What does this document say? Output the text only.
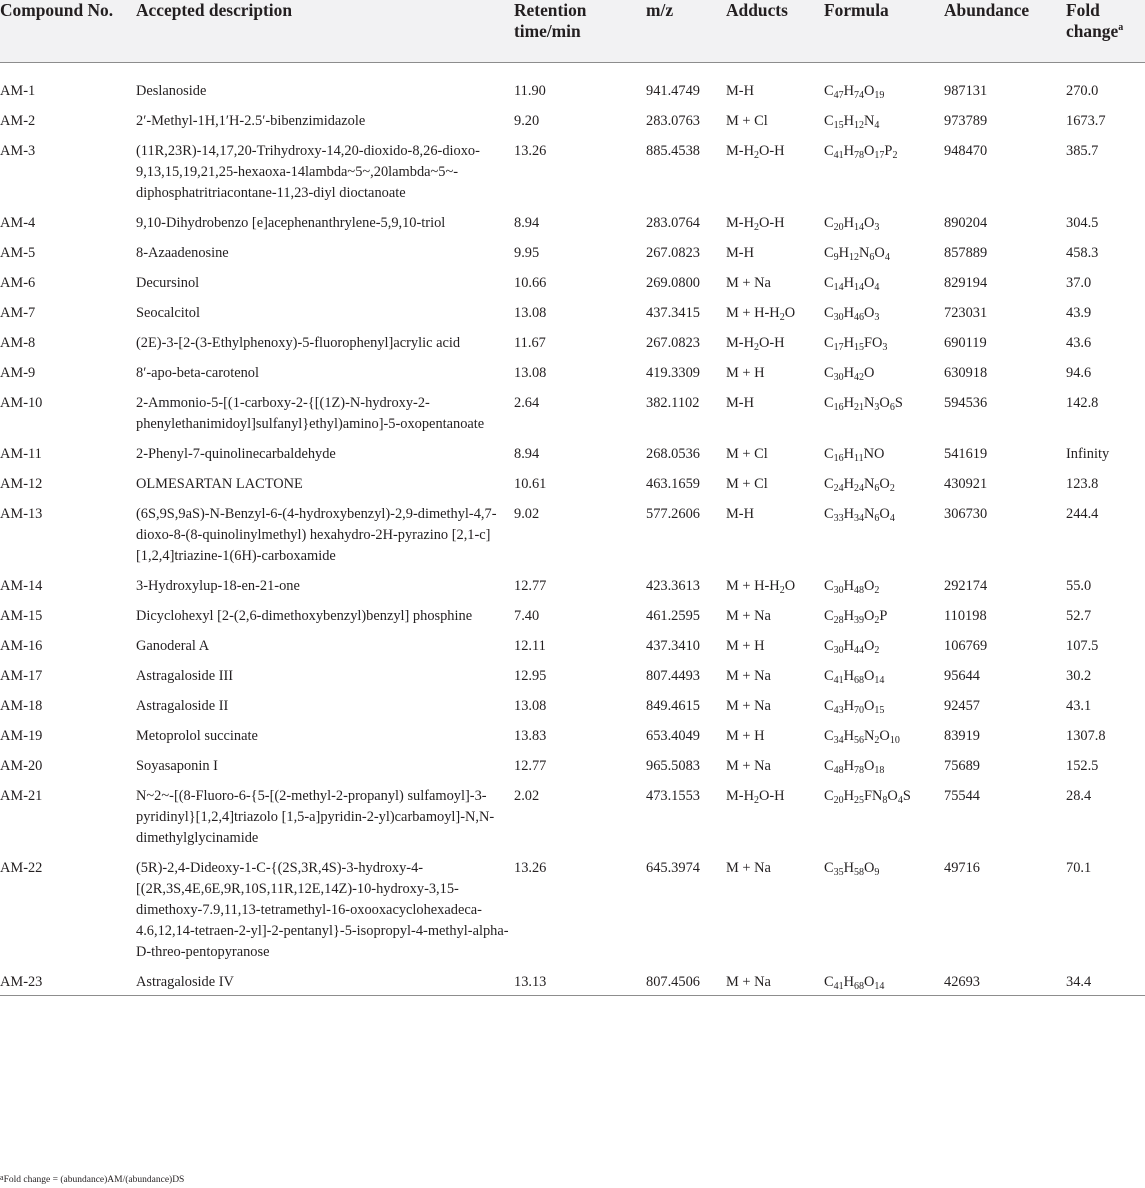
Compound No.	Accepted description	Retention time/min	m/z	Adducts	Formula	Abundance	Fold change$^a$
AM-1	Deslanoside	11.90	941.4749	M-H	$C_{47}H_{74}O_{19}$	987131	270.0
AM-2	2′-Methyl-1H,1′H-2.5′-bibenzimidazole	9.20	283.0763	M + Cl	$C_{15}H_{12}N_4$	973789	1673.7
AM-3	(11R,23R)-14,17,20-Trihydroxy-14,20-dioxido-8,26-dioxo-9,13,15,19,21,25-hexaoxa-14lambda~5~,20lambda~5~-diphosphatritriacontane-11,23-diyl dioctanoate	13.26	885.4538	$M-H_2O-H$	$C_{41}H_{78}O_{17}P_2$	948470	385.7
AM-4	9,10-Dihydrobenzo [e]acephenanthrylene-5,9,10-triol	8.94	283.0764	$M-H_2O-H$	$C_{20}H_{14}O_3$	890204	304.5
AM-5	8-Azaadenosine	9.95	267.0823	M-H	$C_9H_{12}N_6O_4$	857889	458.3
AM-6	Decursinol	10.66	269.0800	M + Na	$C_{14}H_{14}O_4$	829194	37.0
AM-7	Seocalcitol	13.08	437.3415	$M + H-H_2O$	$C_{30}H_{46}O_3$	723031	43.9
AM-8	(2E)-3-[2-(3-Ethylphenoxy)-5-fluorophenyl]acrylic acid	11.67	267.0823	$M-H_2O-H$	$C_{17}H_{15}FO_3$	690119	43.6
AM-9	8′-apo-beta-carotenol	13.08	419.3309	M + H	$C_{30}H_{42}O$	630918	94.6
AM-10	2-Ammonio-5-[(1-carboxy-2-{[(1Z)-N-hydroxy-2-phenylethanimidoyl]sulfanyl}ethyl)amino]-5-oxopentanoate	2.64	382.1102	M-H	$C_{16}H_{21}N_3O_6S$	594536	142.8
AM-11	2-Phenyl-7-quinolinecarbaldehyde	8.94	268.0536	M + Cl	$C_{16}H_{11}NO$	541619	Infinity
AM-12	OLMESARTAN LACTONE	10.61	463.1659	M + Cl	$C_{24}H_{24}N_6O_2$	430921	123.8
AM-13	(6S,9S,9aS)-N-Benzyl-6-(4-hydroxybenzyl)-2,9-dimethyl-4,7-dioxo-8-(8-quinolinylmethyl) hexahydro-2H-pyrazino [2,1-c][1,2,4]triazine-1(6H)-carboxamide	9.02	577.2606	M-H	$C_{33}H_{34}N_6O_4$	306730	244.4
AM-14	3-Hydroxylup-18-en-21-one	12.77	423.3613	$M + H-H_2O$	$C_{30}H_{48}O_2$	292174	55.0
AM-15	Dicyclohexyl [2-(2,6-dimethoxybenzyl)benzyl] phosphine	7.40	461.2595	M + Na	$C_{28}H_{39}O_2P$	110198	52.7
AM-16	Ganoderal A	12.11	437.3410	M + H	$C_{30}H_{44}O_2$	106769	107.5
AM-17	Astragaloside III	12.95	807.4493	M + Na	$C_{41}H_{68}O_{14}$	95644	30.2
AM-18	Astragaloside II	13.08	849.4615	M + Na	$C_{43}H_{70}O_{15}$	92457	43.1
AM-19	Metoprolol succinate	13.83	653.4049	M + H	$C_{34}H_{56}N_2O_{10}$	83919	1307.8
AM-20	Soyasaponin I	12.77	965.5083	M + Na	$C_{48}H_{78}O_{18}$	75689	152.5
AM-21	N~2~-[(8-Fluoro-6-{5-[(2-methyl-2-propanyl) sulfamoyl]-3-pyridinyl}[1,2,4]triazolo [1,5-a]pyridin-2-yl)carbamoyl]-N,N-dimethylglycinamide	2.02	473.1553	$M-H_2O-H$	$C_{20}H_{25}FN_8O_4S$	75544	28.4
AM-22	(5R)-2,4-Dideoxy-1-C-{(2S,3R,4S)-3-hydroxy-4-[(2R,3S,4E,6E,9R,10S,11R,12E,14Z)-10-hydroxy-3,15-dimethoxy-7.9,11,13-tetramethyl-16-oxooxacyclohexadeca-4.6,12,14-tetraen-2-yl]-2-pentanyl}-5-isopropyl-4-methyl-alpha-D-threo-pentopyranose	13.26	645.3974	M + Na	$C_{35}H_{58}O_9$	49716	70.1
AM-23	Astragaloside IV	13.13	807.4506	M + Na	$C_{41}H_{68}O_{14}$	42693	34.4
$^a$Fold change = (abundance)AM/(abundance)DS
